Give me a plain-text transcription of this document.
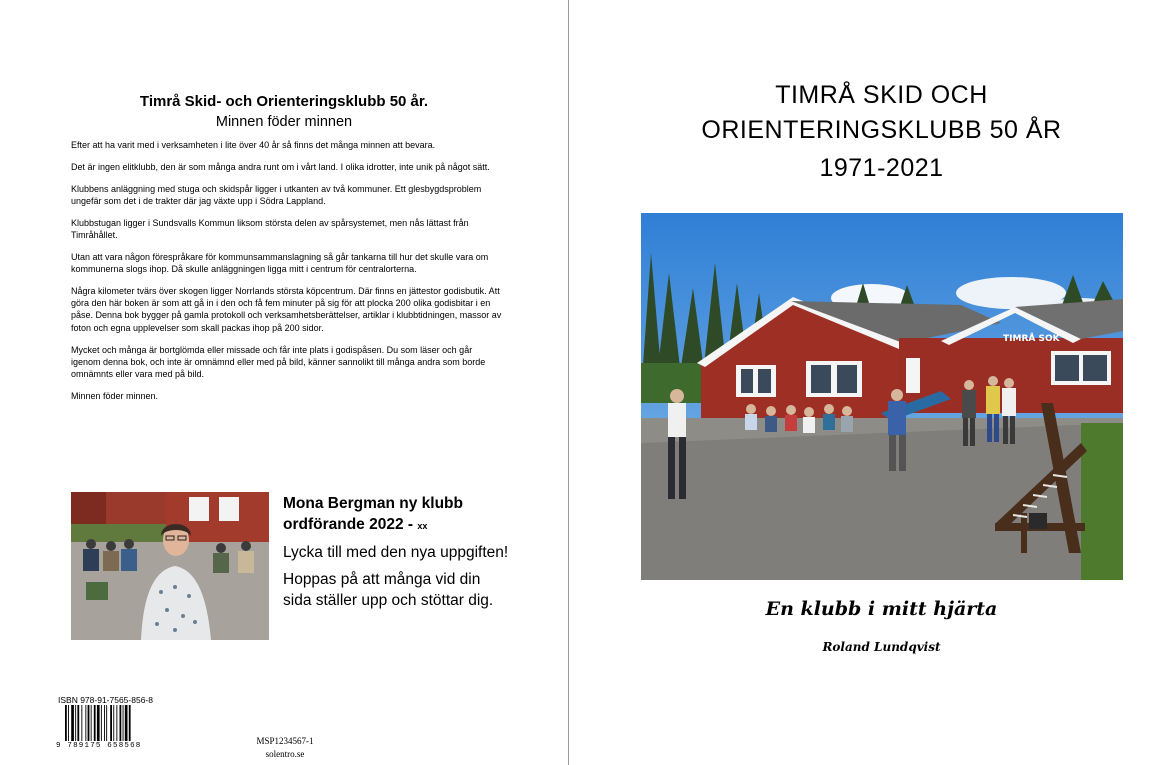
Timrå Skid- och Orienteringsklubb 50 år.
Minnen föder minnen

Efter att ha varit med i verksamheten i lite över 40 år så finns det många minnen att bevara.

Det är ingen elitklubb, den är som många andra runt om i vårt land. I olika idrotter, inte unik på något sätt.

Klubbens anläggning med stuga och skidspår ligger i utkanten av två kommuner. Ett glesbygdsproblem ungefär som det i de trakter där jag växte upp i Södra Lappland.

Klubbstugan ligger i Sundsvalls Kommun liksom största delen av spårsystemet, men nås lättast från Timråhållet.

Utan att vara någon förespråkare för kommunsammanslagning så går tankarna till hur det skulle vara om kommunerna slogs ihop. Då skulle anläggningen ligga mitt i centrum för centralorterna.

Några kilometer tvärs över skogen ligger Norrlands största köpcentrum. Där finns en jättestor godisbutik. Att göra den här boken är som att gå in i den och få fem minuter på sig för att plocka 200 olika godisbitar i en påse. Denna bok bygger på gamla protokoll och verksamhetsberättelser, artiklar i klubbtidningen, massor av foton och egna upplevelser som skall packas ihop på 200 sidor.

Mycket och många är bortglömda eller missade och får inte plats i godispåsen. Du som läser och går igenom denna bok, och inte är omnämnd eller med på bild, känner sannolikt till många andra som borde omnämnts eller vara med på bild.

Minnen föder minnen.

Mona Bergman ny klubb ordförande 2022 - xx

Lycka till med den nya uppgiften!

Hoppas på att många vid din sida ställer upp och stöttar dig.

ISBN 978-91-7565-856-8
9 789175 658568	MSP1234567-1
solentro.se
TIMRÅ SKID OCH
ORIENTERINGSKLUBB 50 ÅR
1971-2021
TIMRÅ SOK
En klubb i mitt hjärta
Roland Lundqvist
